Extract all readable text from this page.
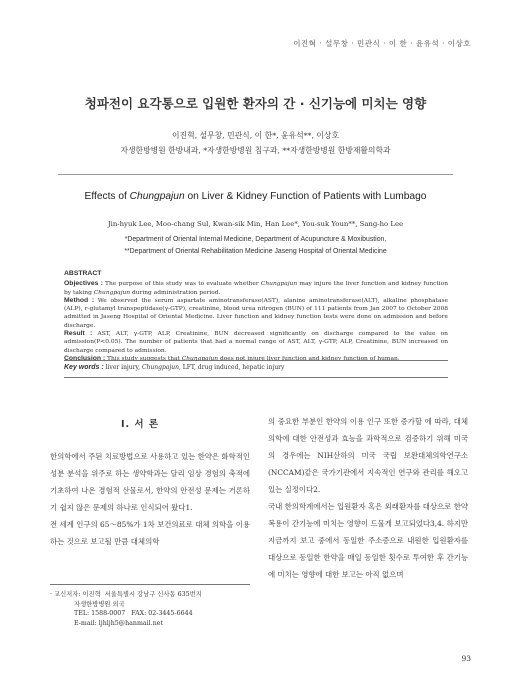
이진혁 · 설무창 · 민관식 · 이 한 · 윤유석 · 이상호
청파전이 요각통으로 입원한 환자의 간 · 신기능에 미치는 영향
이진혁, 설무창, 민관식, 이 한*, 윤유석**, 이상호
자생한방병원 한방내과, *자생한방병원 침구과, **자생한방병원 한방재활의학과
Effects of Chungpajun on Liver & Kidney Function of Patients with Lumbago
Jin-hyuk Lee, Moo-chang Sul, Kwan-sik Min, Han Lee*, You-suk Youn**, Sang-ho Lee
*Department of Oriental Internal Medicine, Department of Acupuncture & Moxibustion,
**Department of Oriental Rehabilitation Medicine Jaseng Hospital of Oriental Medicine
ABSTRACT

Objectives : The purpose of this study was to evaluate whether Chungpajun may injure the liver function and kidney function by taking Chungpajun during administration period.

Method : We observed the serum aspartate aminotransferase(AST), alanine aminotransferase(ALT), alkaline phosphatase (ALP), r-glutamyl transpeptidase(γ-GTP), creatinine, blood urea nitrogen (BUN) of 111 patients from Jan 2007 to October 2008 admitted in Jaseng Hospital of Oriental Medicine. Liver function and kidney function tests were done on admission and before discharge.

Result : AST, ALT, γ-GTP, ALP, Creatinine, BUN decreased significantly on discharge compared to the value on admission(P<0.05). The number of patients that had a normal range of AST, ALT, γ-GTP, ALP, Creatinine, BUN increased on discharge compared to admission.

Conclusion : This study suggests that Chungpajun does not injure liver function and kidney function of human.

Key words : liver injury, Chungpajun, LFT, drug induced, hepatic injury
Ⅰ. 서 론

한의학에서 주된 치료방법으로 사용하고 있는 한약은 화학적인 성분 분석을 위주로 하는 생약학과는 달리 임상 경험의 축적에 기초하여 나온 경험적 산물로서, 한약의 안전성 문제는 거론하기 쉽지 않은 문제의 하나로 인식되어 왔다1.

전 세계 인구의 65～85%가 1차 보건의료로 대체 의학을 이용하는 것으로 보고될 만큼 대체의학

의 중요한 부분인 한약의 이용 인구 또한 증가할 에 따라, 대체의학에 대한 안전성과 효능을 과학적으로 검증하기 위해 미국의 경우에는 NIH산하의 미국 국립 보완대체의학연구소(NCCAM)같은 국가기관에서 지속적인 연구와 관리를 해오고 있는 실정이다2.

국내 한의학계에서는 입원환자 혹은 외래환자를 대상으로 한약복용이 간기능에 미치는 영향이 드물게 보고되었다3,4. 하지만 지금까지 보고 중에서 동일한 주소증으로 내원한 입원환자를 대상으로 동일한 한약을 매일 동일한 횟수로 투여한 후 간기능에 미치는 영향에 대한 보고는 아직 없으며

· 교신저자: 이진혁  서울특별시 강남구 신사동 635번지
자생한방병원 외국
TEL: 1588-0007   FAX: 02-3445-6644
E-mail: ljhljh5@hanmail.net
93
